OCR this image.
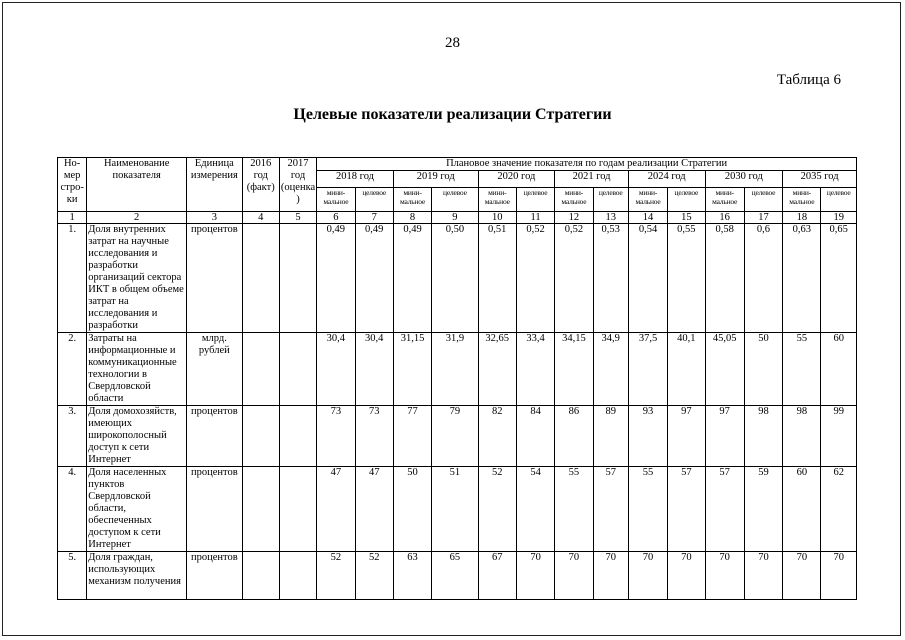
28
Таблица 6
Целевые показатели реализации Стратегии
Но-мер стро-ки	Наименование показателя	Единица измерения	2016 год (факт)	2017 год (оценка)	Плановое значение показателя по годам реализации Стратегии													
					2018 год		2019 год		2020 год		2021 год		2024 год		2030 год		2035 год	
					мини-мальное	целевое	мини-мальное	целевое	мини-мальное	целевое	мини-мальное	целевое	мини-мальное	целевое	мини-мальное	целевое	мини-мальное	целевое
1	2	3	4	5	6	7	8	9	10	11	12	13	14	15	16	17	18	19
1.	Доля внутренних затрат на научные исследования и разработки организаций сектора ИКТ в общем объеме затрат на исследования и разработки	процентов			0,49	0,49	0,49	0,50	0,51	0,52	0,52	0,53	0,54	0,55	0,58	0,6	0,63	0,65
2.	Затраты на информационные и коммуникационные технологии в Свердловской области	млрд. рублей			30,4	30,4	31,15	31,9	32,65	33,4	34,15	34,9	37,5	40,1	45,05	50	55	60
3.	Доля домохозяйств, имеющих широкополосный доступ к сети Интернет	процентов			73	73	77	79	82	84	86	89	93	97	97	98	98	99
4.	Доля населенных пунктов Свердловской области, обеспеченных доступом к сети Интернет	процентов			47	47	50	51	52	54	55	57	55	57	57	59	60	62
5.	Доля граждан, использующих механизм получения	процентов			52	52	63	65	67	70	70	70	70	70	70	70	70	70
